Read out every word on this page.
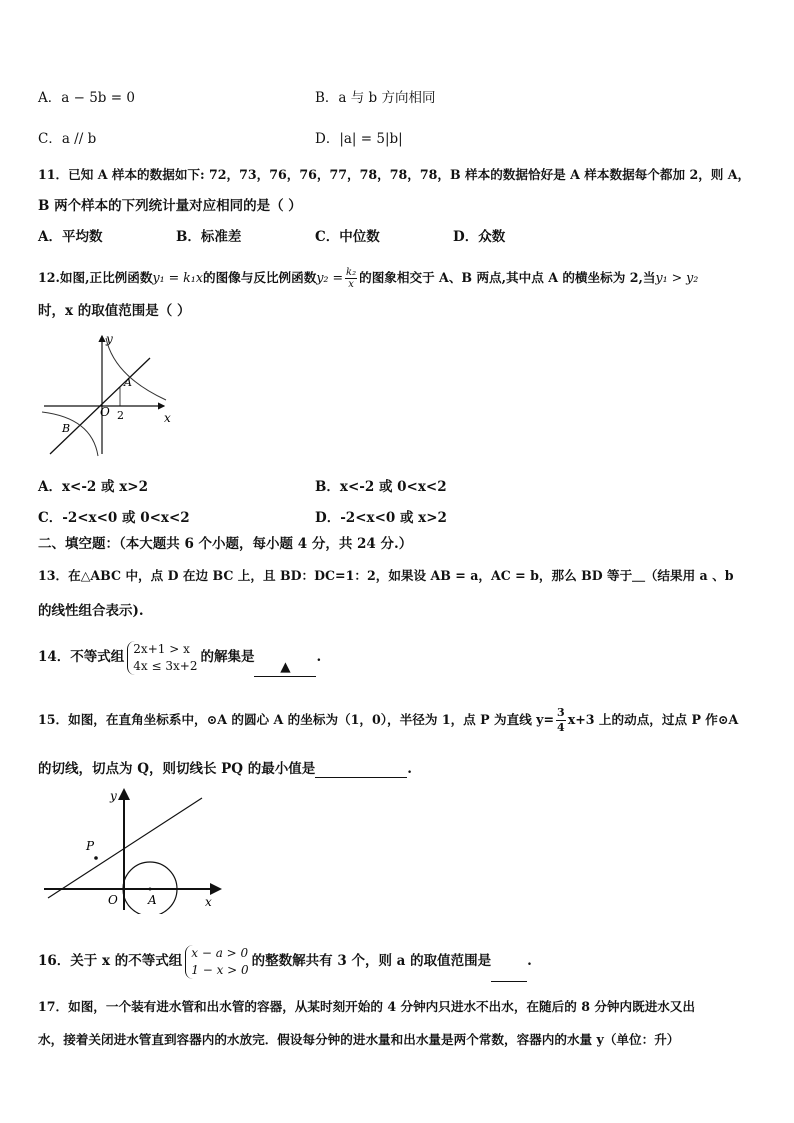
A．a − 5b = 0	B．a 与 b 方向相同
C．a // b	D．|a| = 5|b|
11．已知 A 样本的数据如下: 72，73，76，76，77，78，78，78，B 样本的数据恰好是 A 样本数据每个都加 2，则 A，
B 两个样本的下列统计量对应相同的是（ ）
A．平均数	B．标准差	C．中位数	D．众数
12.如图,正比例函数y₁ = k₁x的图像与反比例函数$y_2 = \frac{\text{k₂}}{x}$ 的图象相交于 A、B 两点,其中点 A 的横坐标为 2,当y₁ > y₂
时，x 的取值范围是（ ）
y
x
O
A
B
2
A．x<-2 或 x>2	B．x<-2 或 0<x<2
C．-2<x<0 或 0<x<2	D．-2<x<0 或 x>2
二、填空题：（本大题共 6 个小题，每小题 4 分，共 24 分.）
13．在△ABC 中，点 D 在边 BC 上，且 BD：DC=1：2，如果设 AB = a，AC = b，那么 BD 等于＿（结果用 a 、b
的线性组合表示).
14．不等式组
2x+1 > x
4x ≤ 3x+2
的解集是▲.
15．如图，在直角坐标系中，⊙A 的圆心 A 的坐标为（1，0），半径为 1，点 P 为直线 $y= \frac{3}{4} x+3$ 上的动点，过点 P 作⊙A
的切线，切点为 Q，则切线长 PQ 的最小值是	.
y
x
O	A
P
16．关于 x 的不等式组
x − a > 0
1 − x > 0
的整数解共有 3 个，则 a 的取值范围是	.
17．如图，一个装有进水管和出水管的容器，从某时刻开始的 4 分钟内只进水不出水，在随后的 8 分钟内既进水又出
水，接着关闭进水管直到容器内的水放完．假设每分钟的进水量和出水量是两个常数，容器内的水量 y（单位：升）
